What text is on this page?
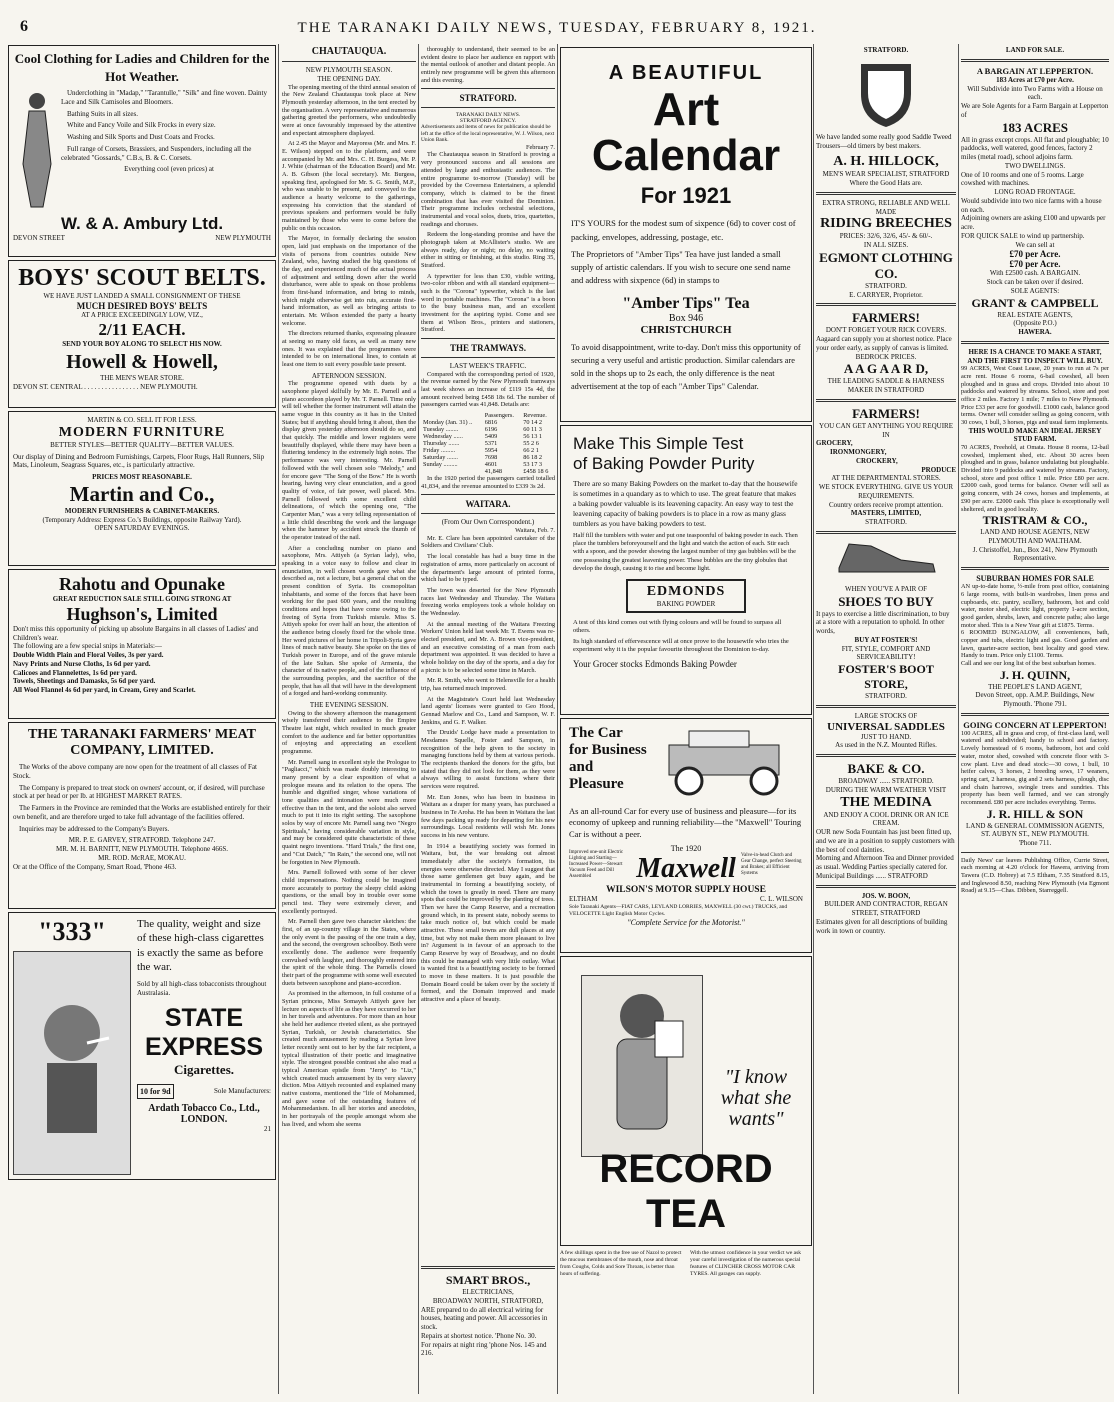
6	THE TARANAKI DAILY NEWS, TUESDAY, FEBRUARY 8, 1921.
Cool Clothing for Ladies and Children for the Hot Weather.

Underclothing in "Madap," "Tarantulle," "Silk" and fine woven. Dainty Lace and Silk Camisoles and Bloomers.

Bathing Suits in all sizes.

White and Fancy Voile and Silk Frocks in every size.

Washing and Silk Sports and Dust Coats and Frocks.

Full range of Corsets, Brassiers, and Suspenders, including all the celebrated "Gossards," C.B.s, B. & C. Corsets.

Everything cool (even prices) at

W. & A. Ambury Ltd.
DEVON STREET	NEW PLYMOUTH
BOYS' SCOUT BELTS.
WE HAVE JUST LANDED A SMALL CONSIGNMENT OF THESE
MUCH DESIRED BOYS' BELTS
AT A PRICE EXCEEDINGLY LOW, VIZ.,
2/11 EACH.
SEND YOUR BOY ALONG TO SELECT HIS NOW.
Howell & Howell,
THE MEN'S WEAR STORE.
DEVON ST. CENTRAL . . . . . . . . . . . . . . . . NEW PLYMOUTH.
MARTIN & CO. SELL IT FOR LESS.
MODERN FURNITURE
BETTER STYLES—BETTER QUALITY—BETTER VALUES.
Our display of Dining and Bedroom Furnishings, Carpets, Floor Rugs, Hall Runners, Slip Mats, Linoleum, Seagrass Squares, etc., is particularly attractive.
PRICES MOST REASONABLE.
Martin and Co.,
MODERN FURNISHERS & CABINET-MAKERS.
(Temporary Address: Express Co.'s Buildings, opposite Railway Yard).
OPEN SATURDAY EVENINGS.
Rahotu and Opunake
GREAT REDUCTION SALE STILL GOING STRONG AT
Hughson's, Limited
Don't miss this opportunity of picking up absolute Bargains in all classes of Ladies' and Children's wear.
The following are a few special snips in Materials:—
Double Width Plain and Floral Voiles, 3s per yard.
Navy Prints and Nurse Cloths, 1s 6d per yard.
Calicoes and Flannelettes, 1s 6d per yard.
Towels, Sheetings and Damasks, 5s 6d per yard.
All Wool Flannel 4s 6d per yard, in Cream, Grey and Scarlet.
THE TARANAKI FARMERS' MEAT COMPANY, LIMITED.

The Works of the above company are now open for the treatment of all classes of Fat Stock.

The Company is prepared to treat stock on owners' account, or, if desired, will purchase stock at per head or per lb. at HIGHEST MARKET RATES.

The Farmers in the Province are reminded that the Works are established entirely for their own benefit, and are therefore urged to take full advantage of the facilities offered.

Inquiries may be addressed to the Company's Buyers.

MR. P. E. GARVEY, STRATFORD. Telephone 247.
MR. M. H. BARNITT, NEW PLYMOUTH. Telephone 466S.
MR. ROD. McRAE, MOKAU.
Or at the Office of the Company, Smart Road, 'Phone 463.
"333"	The quality, weight and size of these high-class cigarettes is exactly the same as before the war.
Sold by all high-class tobacconists throughout Australasia.
STATE
EXPRESS
Cigarettes.
10 for 9d	Sole Manufacturers:
Ardath Tobacco Co., Ltd., LONDON.
21
CHAUTAUQUA.
NEW PLYMOUTH SEASON.
THE OPENING DAY.

The opening meeting of the third annual session of the New Zealand Chautauqua took place at New Plymouth yesterday afternoon, in the tent erected by the organisation. A very representative and numerous gathering greeted the performers, who undoubtedly were at once favourably impressed by the attentive and expectant atmosphere displayed.

At 2.45 the Mayor and Mayoress (Mr. and Mrs. F. E. Wilson) stepped on to the platform, and were accompanied by Mr. and Mrs. C. H. Burgess, Mr. P. J. White (chairman of the Education Board) and Mr. A. B. Gibson (the local secretary). Mr. Burgess, speaking first, apologised for Mr. S. G. Smith, M.P., who was unable to be present, and conveyed to the audience a hearty welcome to the gatherings, expressing his conviction that the standard of previous speakers and performers would be fully maintained by those who were to come before the public on this occasion.

The Mayor, in formally declaring the session open, laid just emphasis on the importance of the visits of persons from countries outside New Zealand, who, having studied the big questions of the day, and experienced much of the actual process of adjustment and settling down after the world disturbance, were able to speak on those problems from first-hand information, and bring to minds, which might otherwise get into ruts, accurate first-hand information, as well as bringing artists to entertain. Mr. Wilson extended the party a hearty welcome.

The directors returned thanks, expressing pleasure at seeing so many old faces, as well as many new ones. It was explained that the programmes were intended to be on international lines, to contain at least one item to suit every possible taste present.

AFTERNOON SESSION.

The programme opened with duets by a saxophone played skilfully by Mr. E. Parnell and a piano accordeon played by Mr. T. Parnell. Time only will tell whether the former instrument will attain the same vogue in this country as it has in the United States; but if anything should bring it about, then the display given yesterday afternoon should do so, and that quickly. The middle and lower registers were beautifully displayed, while there may have been a fluttering tendency in the extremely high notes. The performance was very interesting. Mr. Parnell followed with the well chosen solo "Melody," and for encore gave "The Song of the Bow." He is worth hearing, having very clear enunciation, and a good quality of voice, of fair power, well placed. Mrs. Parnell followed with some excellent child delineations, of which the opening one, "The Carpenter Man," was a very telling representation of a little child describing the work and the language when the hammer by accident struck the thumb of the operator instead of the nail.

After a concluding number on piano and saxophone, Mrs. Attiyeh (a Syrian lady), who, speaking in a voice easy to follow and clear in enunciation, in well chosen words gave what she described as, not a lecture, but a general chat on the present condition of Syria. Its cosmopolitan inhabitants, and some of the forces that have been working for the past 600 years, and the resulting conditions and hopes that have come owing to the freeing of Syria from Turkish misrule. Miss S. Attiyeh spoke for over half an hour, the attention of the audience being closely fixed for the whole time. Her word pictures of her home in Tripoli-Syria gave lines of much native beauty. She spoke on the ties of Turkish power in Europe, and of the grave misrule of the late Sultan. She spoke of Armenia, the character of its native people, and of the influence of the surrounding peoples, and the sacrifice of the people, that has all that will have in the development of a forged and hard-working community.

THE EVENING SESSION.

Owing to the showery afternoon the management wisely transferred their audience to the Empire Theatre last night, which resulted in much greater comfort to the audience and far better opportunities of enjoying and appreciating an excellent programme.

Mr. Parnell sang in excellent style the Prologue to "Pagliacci," which was made doubly interesting to many present by a clear exposition of what a prologue means and its relation to the opera. The humble and dignified singer, whose variations of tone qualities and intonation were much more effective than in the tent, and the soloist also served much to put it into its right setting. The saxophone solos by way of encore Mr. Parnell sang two "Negro Spirituals," having considerable variation in style, and may be considered quite characteristic of these quaint negro inventions. "Hard Trials," the first one, and "Cut Datch," "In Rain," the second one, will not be forgotten in New Plymouth.

Mrs. Parnell followed with some of her clever child impersonations. Nothing could be imagined more accurately to portray the sleepy child asking questions, or the small boy in trouble over some pencil test. They were extremely clever, and excellently portrayed.

Mr. Parnell then gave two character sketches: the first, of an up-country village in the States, where the only event is the passing of the one train a day, and the second, the overgrown schoolboy. Both were excellently done. The audience were frequently convulsed with laughter, and thoroughly entered into the spirit of the whole thing. The Parnells closed their part of the programme with some well executed duets between saxophone and piano-accordion.

As promised in the afternoon, in full costume of a Syrian princess, Miss Somayeh Attiyeh gave her lecture on aspects of life as they have occurred to her in her travels and adventures. For more than an hour she held her audience riveted silent, as she portrayed Syrian, Turkish, or Jewish characteristics. She created much amusement by reading a Syrian love letter recently sent out to her by the fair recipient, a typical illustration of their poetic and imaginative style. The strongest possible contrast she also read a typical American epistle from "Jerry" to "Liz," which created much amusement by its very slavery diction. Miss Attiyeh recounted and explained many native customs, mentioned the "life of Mohammed, and gave some of the outstanding features of Mohammedanism. In all her stories and anecdotes, in her portrayals of the people amongst whom she has lived, and whom she seems

thoroughly to understand, their seemed to be an evident desire to place her audience en rapport with the mental outlook of another and distant people. An entirely new programme will be given this afternoon and this evening.

STRATFORD.
TARANAKI DAILY NEWS.
STRATFORD AGENCY.
Advertisements and items of news for publication should be left at the office of the local representative, W. J. Wilson, next Union Bank.
February 7.

The Chautauqua season in Stratford is proving a very pronounced success and all sessions are attended by large and enthusiastic audiences. The entire programme to-morrow (Tuesday) will be provided by the Coverness Entertainers, a splendid company, which is claimed to be the finest combination that has ever visited the Dominion. Their programme includes orchestral selections, instrumental and vocal solos, duets, trios, quartettes, readings and choruses.

Redeem the long-standing promise and have the photograph taken at McAllister's studio. We are always ready, day or night; no delay, no waiting either in sitting or finishing, at this studio. Ring 35, Stratford.

A typewriter for less than £30, visible writing, two-color ribbon and with all standard equipment—such is the "Corona" typewriter, which is the last word in portable machines. The "Corona" is a boon to the busy business man, and an excellent investment for the aspiring typist. Come and see them at Wilson Bros., printers and stationers, Stratford.

THE TRAMWAYS.
LAST WEEK'S TRAFFIC.

Compared with the corresponding period of 1920, the revenue earned by the New Plymouth tramways last week shows an increase of £119 15s 4d, the amount received being £458 18s 6d. The number of passengers carried was 41,848. Details are:

	Passengers.	Revenue.
Monday (Jan. 31) ..	6816	70 14 2
Tuesday ........	6196	60 11 3
Wednesday ......	5409	56 13 1
Thursday .......	5371	55 2 6
Friday .........	5954	66 2 1
Saturday .......	7698	86 18 2
Sunday .........	4601	53 17 3
	41,848	£458 18 6

In the 1920 period the passengers carried totalled 41,834, and the revenue amounted to £339 3s 2d.

WAITARA.
(From Our Own Correspondent.)
Waitara, Feb. 7.

Mr. E. Clare has been appointed caretaker of the Soldiers and Civilians' Club.

The local constable has had a busy time in the registration of arms, more particularly on account of the department's large amount of printed forms, which had to be typed.

The town was deserted for the New Plymouth races last Wednesday and Thursday. The Waitara freezing works employees took a whole holiday on the Wednesday.

At the annual meeting of the Waitara Freezing Workers' Union held last week Mr. T. Ewens was re-elected president, and Mr. A. Brown vice-president, and an executive consisting of a man from each department was appointed. It was decided to have a whole holiday on the day of the sports, and a day for a picnic is to be selected some time in March.

Mr. R. Smith, who went to Helensville for a health trip, has returned much improved.

At the Magistrate's Court held last Wednesday land agents' licenses were granted to Geo Hood, Gennad Marlow and Co., Land and Sampson, W. F. Jenkins, and G. F. Walker.

The Druids' Lodge have made a presentation to Mesdames Squelle, Foster and Sampson, in recognition of the help given to the society in managing functions held by them at various periods. The recipients thanked the donors for the gifts, but stated that they did not look for them, as they were always willing to assist functions where their services were required.

Mr. Eun Jones, who has been in business in Waitara as a draper for many years, has purchased a business in Te Aroha. He has been in Waitara the last few days packing up ready for departing for his new surroundings. Local residents will wish Mr. Jones success in his new venture.

In 1914 a beautifying society was formed in Waitara, but, the war breaking out almost immediately after the society's formation, its energies were otherwise directed. May I suggest that those same gentlemen get busy again, and be instrumental in forming a beautifying society, of which the town is greatly in need. There are many spots that could be improved by the planting of trees. Then we have the Camp Reserve, and a recreation ground which, in its present state, nobody seems to take much notice of, but which could be made attractive. These small towns are dull places at any time, but why not make them more pleasant to live in? Argument is in favour of an approach to the Camp Reserve by way of Broadway, and no doubt this could be managed with very little outlay. What is wanted first is a beautifying society to be formed to move in these matters. It is just possible the Domain Board could be taken over by the society if formed, and the Domain improved and made attractive and a place of beauty.

SMART BROS.,
ELECTRICIANS,
BROADWAY NORTH, STRATFORD,
ARE prepared to do all electrical wiring for houses, heating and power. All accessories in stock.
Repairs at shortest notice. 'Phone No. 30.
For repairs at night ring 'phone Nos. 145 and 216.
A BEAUTIFUL
Art
Calendar
For 1921
IT'S YOURS for the modest sum of sixpence (6d) to cover cost of packing, envelopes, addressing, postage, etc.
The Proprietors of "Amber Tips" Tea have just landed a small supply of artistic calendars. If you wish to secure one send name and address with sixpence (6d) in stamps to
"Amber Tips" Tea
Box 946
CHRISTCHURCH
To avoid disappointment, write to-day. Don't miss this opportunity of securing a very useful and artistic production. Similar calendars are sold in the shops up to 2s each, the only difference is the neat advertisement at the top of each "Amber Tips" Calendar.
Make This Simple Test
of Baking Powder Purity
There are so many Baking Powders on the market to-day that the housewife is sometimes in a quandary as to which to use. The great feature that makes a baking powder valuable is its leavening capacity. An easy way to test the leavening capacity of baking powders is to place in a row as many glass tumblers as you have baking powders to test.
Half fill the tumblers with water and put one teaspoonful of baking powder in each. Then place the tumblers beforeyourself and the light and watch the action of each. Stir each with a spoon, and the powder showing the largest number of tiny gas bubbles will be the one possessing the greatest leavening power. These bubbles are the tiny globules that develop the dough, causing it to rise and become light.
EDMONDS
BAKING POWDER
A test of this kind comes out with flying colours and will be found to surpass all others.
Its high standard of effervescence will at once prove to the housewife who tries the experiment why it is the popular favourite throughout the Dominion to-day.
Your Grocer stocks Edmonds Baking Powder
The Car
for Business
and Pleasure
As an all-round Car for every use of business and pleasure—for its economy of upkeep and running reliability—the "Maxwell" Touring Car is without a peer.
Improved one-unit Electric Lighting and Starting—Increased Power—Stewart Vacuum Feed and Dill Assembled
The 1920
Maxwell	Valve-in-head Clutch and Gear Change, perfect Steering and Brakes; all Efficient Systems
WILSON'S MOTOR SUPPLY HOUSE
ELTHAM	C. L. WILSON
Sole Taranaki Agents—FIAT CARS, LEYLAND LORRIES, MAXWELL (30 cwt.) TRUCKS, and VELOCETTE Light English Motor Cycles.
"Complete Service for the Motorist."
"I know what she wants"
RECORD TEA
A few shillings spent in the free use of Nazol to protect the mucous membranes of the mouth, nose and throat from Coughs, Colds and Sore Throats, is better than hours of suffering.
With the utmost confidence in your verdict we ask your careful investigation of the numerous special features of CLINCHER CROSS MOTOR CAR TYRES. All garages can supply.
STRATFORD.
We have landed some really good Saddle Tweed Trousers—old timers by best makers.
A. H. HILLOCK,
MEN'S WEAR SPECIALIST, STRATFORD
Where the Good Hats are.
EXTRA STRONG, RELIABLE AND WELL MADE
RIDING BREECHES
PRICES: 32/6, 32/6, 45/- & 60/-.
IN ALL SIZES.
EGMONT CLOTHING CO.
STRATFORD.
E. CARRYER, Proprietor.
FARMERS!
DON'T FORGET YOUR RICK COVERS.
Aagaard can supply you at shortest notice. Place your order early, as supply of canvas is limited.
BEDROCK PRICES.
A A G A A R D,
THE LEADING SADDLE & HARNESS MAKER IN STRATFORD
FARMERS!
YOU CAN GET ANYTHING YOU REQUIRE IN
GROCERY,
IRONMONGERY,
CROCKERY,
PRODUCE
AT THE DEPARTMENTAL STORES.
WE STOCK EVERYTHING. GIVE US YOUR REQUIREMENTS.
Country orders receive prompt attention.
MASTERS, LIMITED,
STRATFORD.
WHEN YOU'VE A PAIR OF
SHOES TO BUY
It pays to exercise a little discrimination, to buy at a store with a reputation to uphold. In other words,
BUY AT FOSTER'S!
FIT, STYLE, COMFORT AND SERVICEABILITY!
FOSTER'S BOOT STORE,
STRATFORD.
LARGE STOCKS OF
UNIVERSAL SADDLES
JUST TO HAND.
As used in the N.Z. Mounted Rifles.
BAKE & CO.
BROADWAY ...... STRATFORD.
DURING THE WARM WEATHER VISIT
THE MEDINA
AND ENJOY A COOL DRINK OR AN ICE CREAM.
OUR new Soda Fountain has just been fitted up, and we are in a position to supply customers with the best of cool dainties.
Morning and Afternoon Tea and Dinner provided as usual. Wedding Parties specially catered for.
Municipal Buildings ...... STRATFORD
JOS. W. BOON,
BUILDER AND CONTRACTOR, REGAN STREET, STRATFORD
Estimates given for all descriptions of building work in town or country.
LAND FOR SALE.
A BARGAIN AT LEPPERTON.
183 Acres at £70 per Acre.
Will Subdivide into Two Farms with a House on each.
We are Sole Agents for a Farm Bargain at Lepperton of
183 ACRES
All in grass except crops. All flat and ploughable; 10 paddocks, well watered, good fences, factory 2 miles (metal road), school adjoins farm.
TWO DWELLINGS.
One of 10 rooms and one of 5 rooms. Large cowshed with machines.
LONG ROAD FRONTAGE.
Would subdivide into two nice farms with a house on each.
Adjoining owners are asking £100 and upwards per acre.
FOR QUICK SALE to wind up partnership.
We can sell at
£70 per Acre.
£70 per Acre.
With £2500 cash. A BARGAIN.
Stock can be taken over if desired.
SOLE AGENTS:
GRANT & CAMPBELL
REAL ESTATE AGENTS,
(Opposite P.O.)
HAWERA.
HERE IS A CHANCE TO MAKE A START, AND THE FIRST TO INSPECT WILL BUY.
99 ACRES, West Coast Lease, 20 years to run at 7s per acre rent. House 6 rooms, 6-bail cowshed, all been ploughed and in grass and crops. Divided into about 10 paddocks and watered by streams. School, store and post office 2 miles. Factory 1 mile; 7 miles to New Plymouth. Price £33 per acre for goodwill. £1000 cash, balance good terms. Owner will consider selling as going concern, with 30 cows, 1 bull, 3 horses, pigs and usual farm implements.
THIS WOULD MAKE AN IDEAL JERSEY STUD FARM.
70 ACRES, Freehold, at Omata. House 8 rooms, 12-bail cowshed, implement shed, etc. About 30 acres been ploughed and in grass, balance undulating but ploughable. Divided into 9 paddocks and watered by streams. Factory, school, store and post office 1 mile. Price £80 per acre. £2000 cash, good terms for balance. Owner will sell as going concern, with 24 cows, horses and implements, at £90 per acre. £2000 cash. This place is exceptionally well sheltered, and in good locality.
TRISTRAM & CO.,
LAND AND HOUSE AGENTS, NEW PLYMOUTH AND WALTHAM.
J. Christoffel, Jun., Box 241, New Plymouth Representative.
SUBURBAN HOMES FOR SALE
AN up-to-date home, ½-mile from post office, containing 6 large rooms, with built-in wardrobes, linen press and cupboards, etc. pantry, scullery, bathroom, hot and cold water, motor shed, electric light, property 1-acre section, good garden, shrubs, lawn, and concrete paths; also large motor shed. This is a New Year gift at £1875. Terms.
6 ROOMED BUNGALOW, all conveniences, bath, copper and tubs, electric light and gas. Good garden and lawn, quarter-acre section, best locality and good view. Handy to tram. Price only £1100. Terms.
Call and see our long list of the best suburban homes.
J. H. QUINN,
THE PEOPLE'S LAND AGENT,
Devon Street, opp. A.M.P. Buildings, New Plymouth. 'Phone 791.
GOING CONCERN AT LEPPERTON!
100 ACRES, all in grass and crop, of first-class land, well watered and subdivided; handy to school and factory. Lovely homestead of 6 rooms, bathroom, hot and cold water, motor shed, cowshed with concrete floor with 3-cow plant. Live and dead stock:—30 cows, 1 bull, 10 heifer calves, 3 horses, 2 breeding sows, 17 weaners, spring cart, 2 harness, gig and 2 sets harness, plough, disc and chain harrows, swingle trees and sundries. This property has been well farmed, and we can strongly recommend. £80 per acre includes everything. Terms.
J. R. HILL & SON
LAND & GENERAL COMMISSION AGENTS,
ST. AUBYN ST., NEW PLYMOUTH.
'Phone 711.
Daily News' car leaves Publishing Office, Currie Street, each morning at 4.20 o'clock for Hawera, arriving from Tawera (C.D. Hobrey) at 7.5 Eltham, 7.35 Stratford 8.15, and Inglewood 8.50, reaching New Plymouth (via Egmont Road) at 9.15—Chas. Dibben, Starreggell.
